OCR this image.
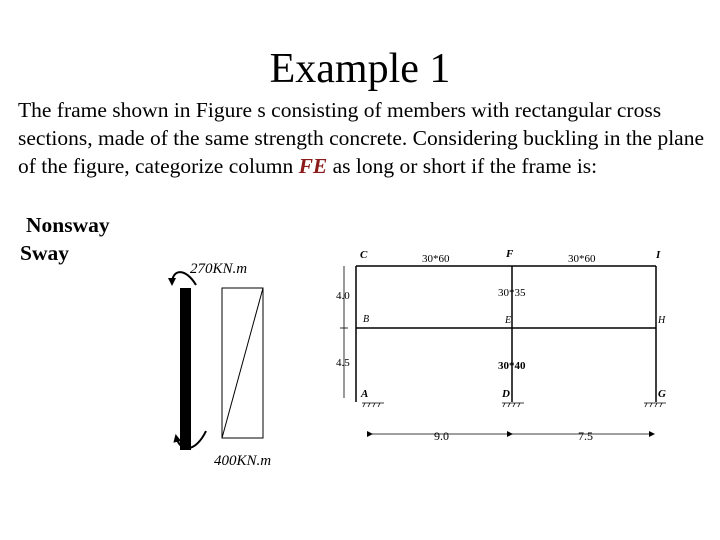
Example 1

The frame shown in Figure s consisting of members with rectangular cross sections, made of the same strength concrete. Considering buckling in the plane of the figure, categorize column FE as long or short if the frame is:

Nonsway
Sway
270KN.m
400KN.m
C	F	I
B	E	H
A	D	G
30*60	30*60
30*35
30*40
4.0
4.5
9.0	7.5
